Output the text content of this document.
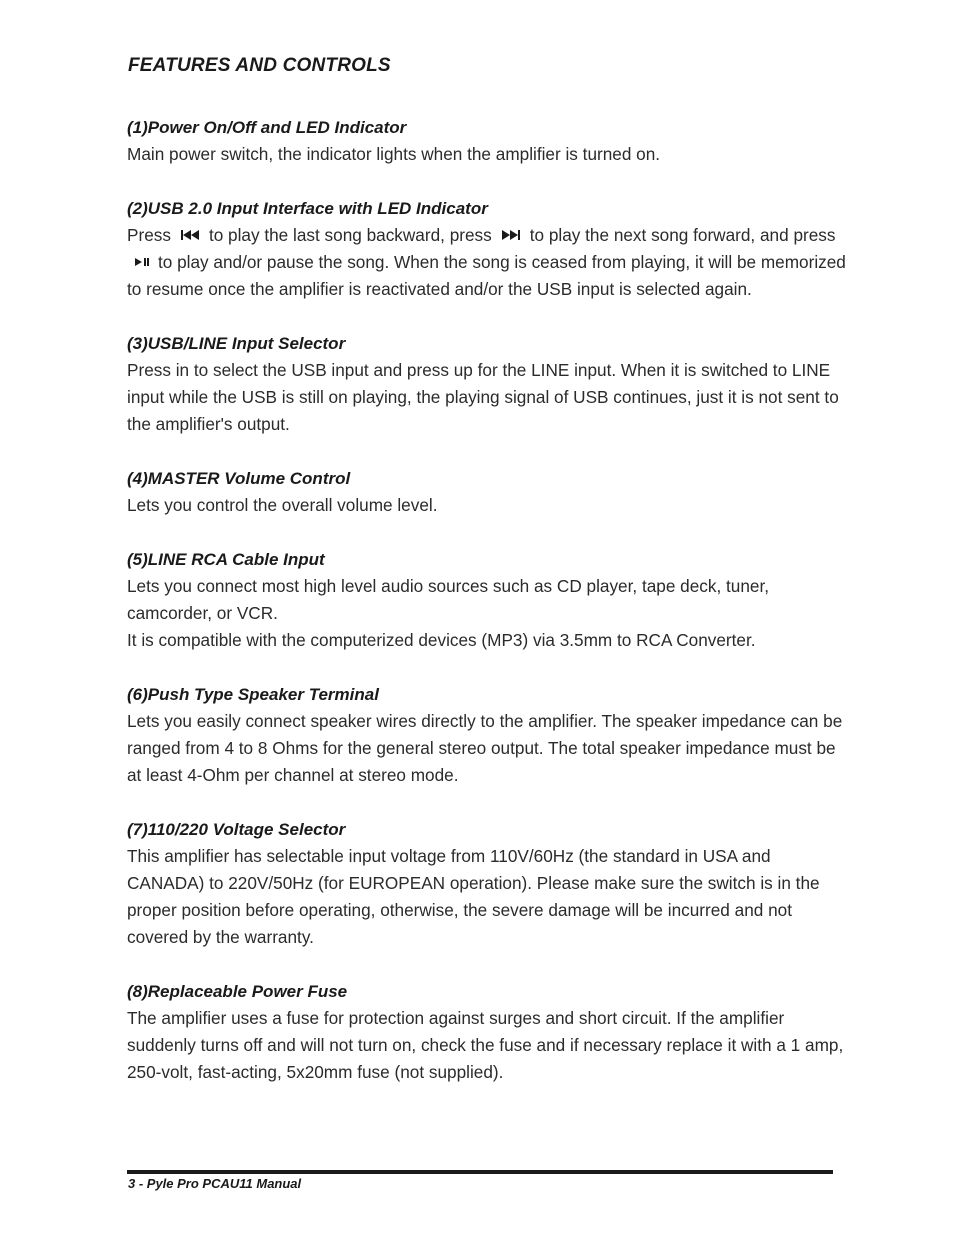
FEATURES AND CONTROLS
(1)Power On/Off and LED Indicator

Main power switch, the indicator lights when the amplifier is turned on.

(2)USB 2.0 Input Interface with LED Indicator

Press to play the last song backward, press to play the next song forward, and press
to play and/or pause the song. When the song is ceased from playing, it will be memorized to resume once the amplifier is reactivated and/or the USB input is selected again.

(3)USB/LINE Input Selector

Press in to select the USB input and press up for the LINE input. When it is switched to LINE input while the USB is still on playing, the playing signal of USB continues, just it is not sent to the amplifier's output.

(4)MASTER Volume Control

Lets you control the overall volume level.

(5)LINE RCA Cable Input

Lets you connect most high level audio sources such as CD player, tape deck, tuner, camcorder, or VCR.

It is compatible with the computerized devices (MP3) via 3.5mm to RCA Converter.

(6)Push Type Speaker Terminal

Lets you easily connect speaker wires directly to the amplifier. The speaker impedance can be ranged from 4 to 8 Ohms for the general stereo output. The total speaker impedance must be at least 4-Ohm per channel at stereo mode.

(7)110/220 Voltage Selector

This amplifier has selectable input voltage from 110V/60Hz (the standard in USA and CANADA) to 220V/50Hz (for EUROPEAN operation). Please make sure the switch is in the proper position before operating, otherwise, the severe damage will be incurred and not covered by the warranty.

(8)Replaceable Power Fuse

The amplifier uses a fuse for protection against surges and short circuit. If the amplifier suddenly turns off and will not turn on, check the fuse and if necessary replace it with a 1 amp, 250-volt, fast-acting, 5x20mm fuse (not supplied).

3 - Pyle Pro PCAU11 Manual
